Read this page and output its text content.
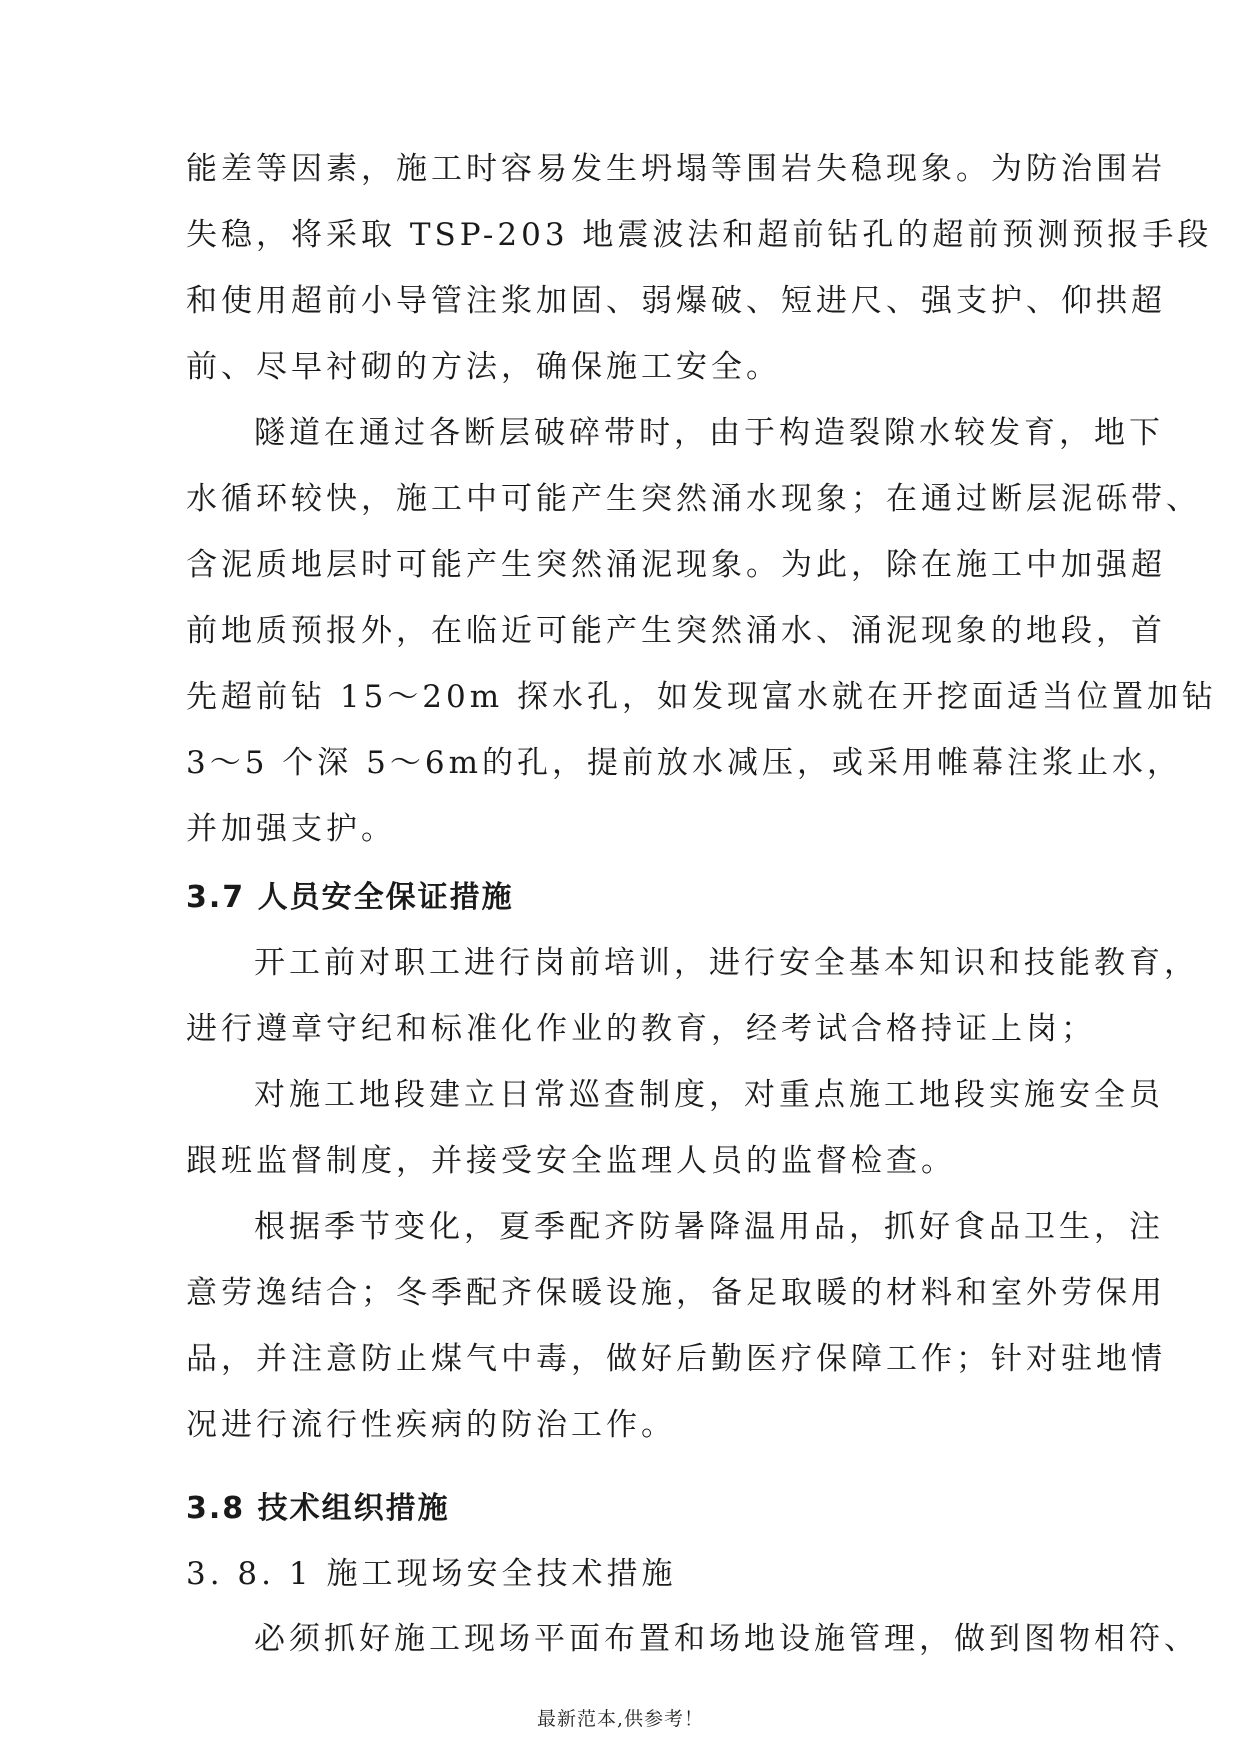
能差等因素，施工时容易发生坍塌等围岩失稳现象。为防治围岩
失稳，将采取 TSP-203 地震波法和超前钻孔的超前预测预报手段
和使用超前小导管注浆加固、弱爆破、短进尺、强支护、仰拱超
前、尽早衬砌的方法，确保施工安全。
隧道在通过各断层破碎带时，由于构造裂隙水较发育，地下
水循环较快，施工中可能产生突然涌水现象；在通过断层泥砾带、
含泥质地层时可能产生突然涌泥现象。为此，除在施工中加强超
前地质预报外，在临近可能产生突然涌水、涌泥现象的地段，首
先超前钻 15～20m 探水孔，如发现富水就在开挖面适当位置加钻
3～5 个深 5～6m的孔，提前放水减压，或采用帷幕注浆止水，
并加强支护。
3.7 人员安全保证措施
开工前对职工进行岗前培训，进行安全基本知识和技能教育，
进行遵章守纪和标准化作业的教育，经考试合格持证上岗；
对施工地段建立日常巡查制度，对重点施工地段实施安全员
跟班监督制度，并接受安全监理人员的监督检查。
根据季节变化，夏季配齐防暑降温用品，抓好食品卫生，注
意劳逸结合；冬季配齐保暖设施，备足取暖的材料和室外劳保用
品，并注意防止煤气中毒，做好后勤医疗保障工作；针对驻地情
况进行流行性疾病的防治工作。
3.8 技术组织措施
3. 8. 1 施工现场安全技术措施
必须抓好施工现场平面布置和场地设施管理，做到图物相符、
最新范本,供参考！
